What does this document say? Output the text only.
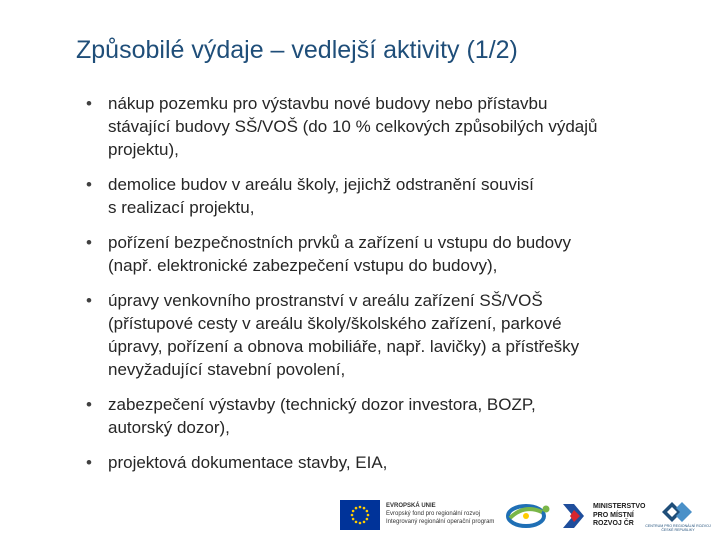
Způsobilé výdaje – vedlejší aktivity (1/2)
• nákup pozemku pro výstavbu nové budovy nebo přístavbu
stávající budovy SŠ/VOŠ (do 10 % celkových způsobilých výdajů
projektu),
• demolice budov v areálu školy, jejichž odstranění souvisí
s realizací projektu,
• pořízení bezpečnostních prvků a zařízení u vstupu do budovy
(např. elektronické zabezpečení vstupu do budovy),
• úpravy venkovního prostranství v areálu zařízení SŠ/VOŠ
(přístupové cesty v areálu školy/školského zařízení, parkové
úpravy, pořízení a obnova mobiliáře, např. lavičky) a přístřešky
nevyžadující stavební povolení,
• zabezpečení výstavby (technický dozor investora, BOZP,
autorský dozor),
• projektová dokumentace stavby, EIA,
EVROPSKÁ UNIE
Evropský fond pro regionální rozvoj
Integrovaný regionální operační program
MINISTERSTVO
PRO MÍSTNÍ
ROZVOJ ČR	CENTRUM PRO REGIONÁLNÍ ROZVOJ
ČESKÉ REPUBLIKY
